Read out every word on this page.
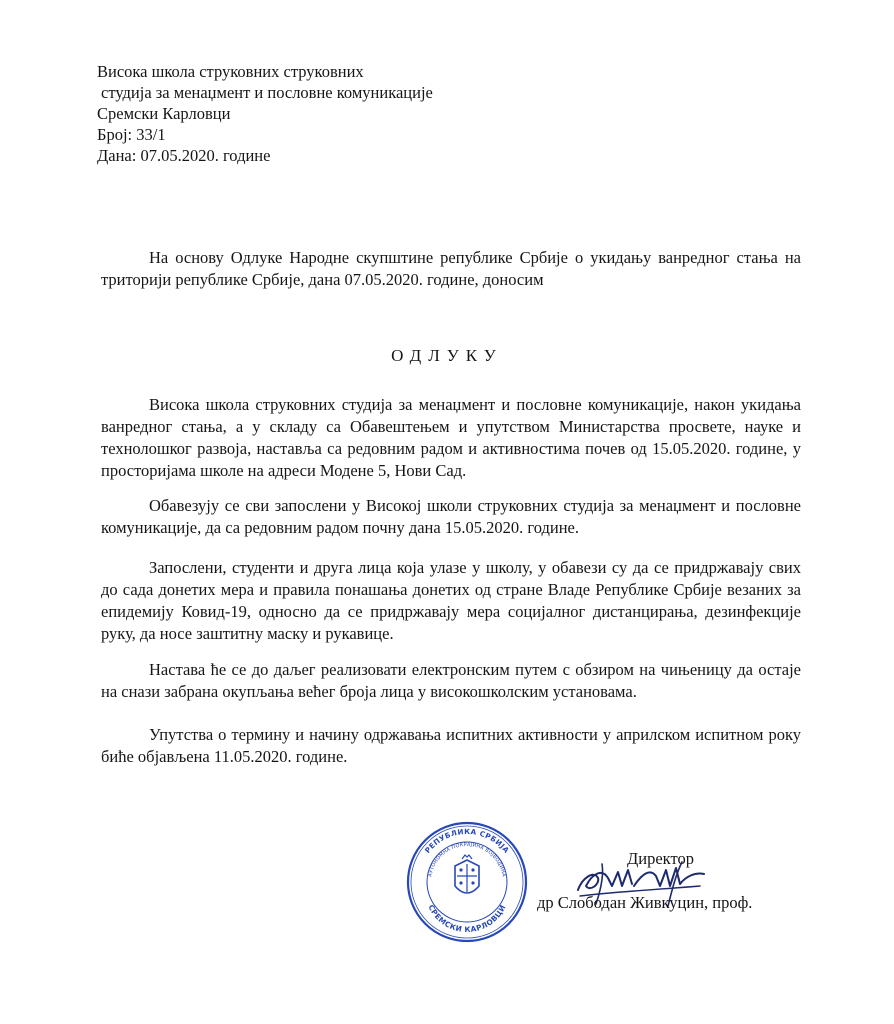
Висока школа струковних струковних
студија за менаџмент и пословне комуникације
Сремски Карловци
Број: 33/1
Дана: 07.05.2020. године
На основу Одлуке Народне скупштине републике Србије о укидању ванредног стања на триторији републике Србије, дана 07.05.2020. године, доносим
ОДЛУКУ
Висока школа струковних студија за менаџмент и пословне комуникације, након укидања ванредног стања, а у складу са Обавештењем и упутством Министарства просвете, науке и технолошког развоја, наставља са редовним радом и активностима почев од 15.05.2020. године, у просторијама школе на адреси Модене 5, Нови Сад.
Обавезују се сви запослени у Високој школи струковних студија за менаџмент и пословне комуникације, да са редовним радом почну дана 15.05.2020. године.
Запослени, студенти и друга лица која улазе у школу, у обавези су да се придржавају свих до сада донетих мера и правила понашања донетих од стране Владе Републике Србије везаних за епидемију Ковид-19, односно да се придржавају мера социјалног дистанцирања, дезинфекције руку, да носе заштитну маску и рукавице.
Настава ће се до даљег реализовати електронским путем с обзиром на чињеницу да остаје на снази забрана окупљања већег броја лица у високошколским установама.
Упутства о термину и начину одржавања испитних активности у априлском испитном року биће објављена 11.05.2020. године.
РЕПУБЛИКА СРБИЈА
АУТОНОМНА ПОКРАЈИНА ВОЈВОДИНА
СРЕМСКИ КАРЛОВЦИ
Директор
др Слободан Живкуцин, проф.
